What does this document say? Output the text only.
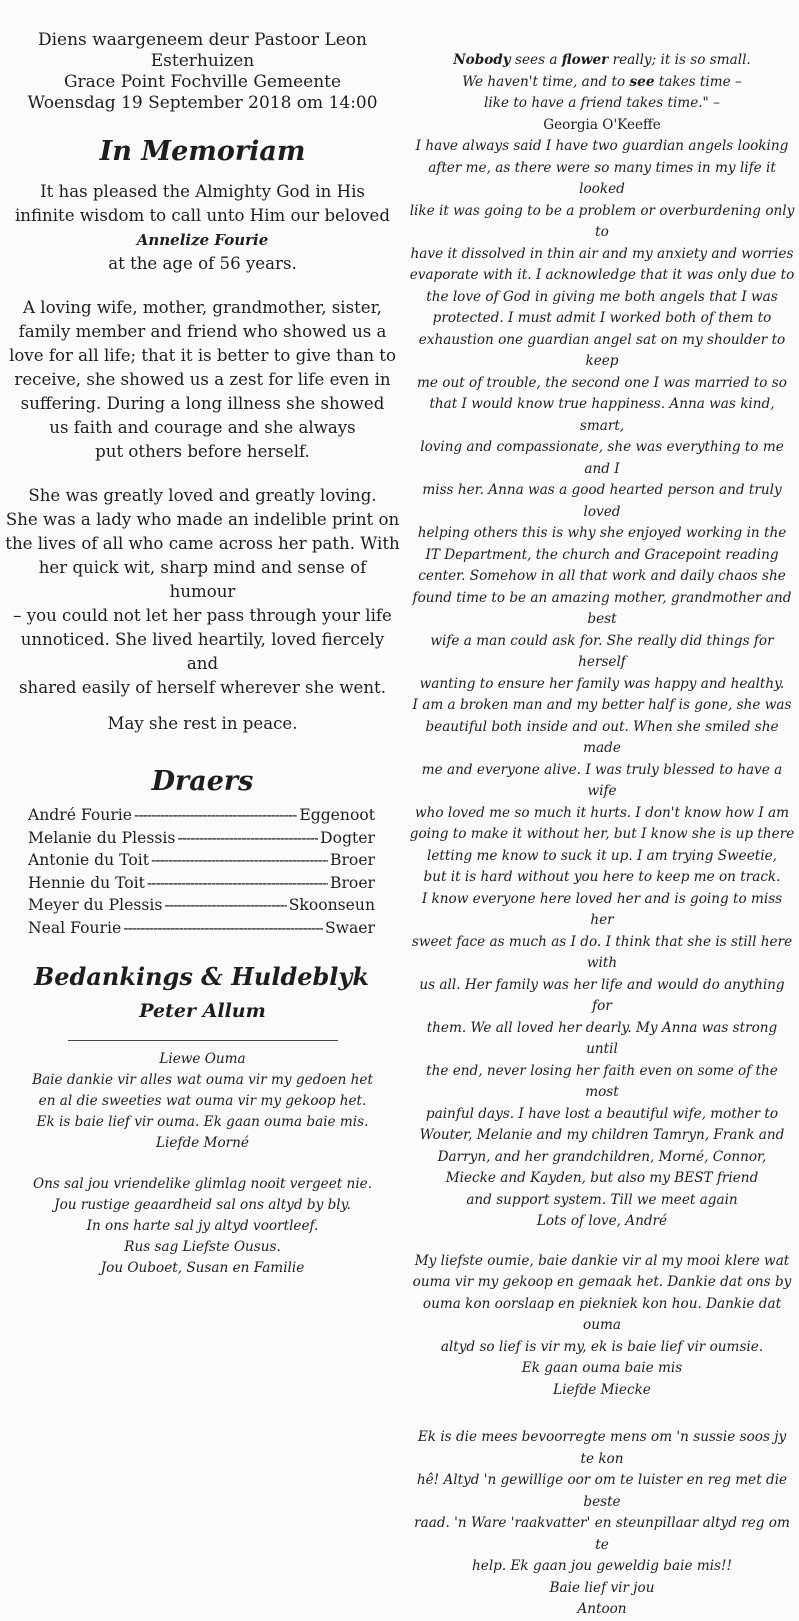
Diens waargeneem deur Pastoor Leon Esterhuizen
Grace Point Fochville Gemeente
Woensdag 19 September 2018 om 14:00
In Memoriam
It has pleased the Almighty God in His
infinite wisdom to call unto Him our beloved
Annelize Fourie
at the age of 56 years.
A loving wife, mother, grandmother, sister,
family member and friend who showed us a
love for all life; that it is better to give than to
receive, she showed us a zest for life even in
suffering. During a long illness she showed
us faith and courage and she always
put others before herself.
She was greatly loved and greatly loving.
She was a lady who made an indelible print on
the lives of all who came across her path. With
her quick wit, sharp mind and sense of humour
– you could not let her pass through your life
unnoticed. She lived heartily, loved fiercely and
shared easily of herself wherever she went.
May she rest in peace.
Draers
André Fourie -----	Eggenoot
Melanie du Plessis -----	Dogter
Antonie du Toit -----	Broer
Hennie du Toit -----	Broer
Meyer du Plessis -----	Skoonseun
Neal Fourie -----	Swaer
Bedankings & Huldeblyk
Peter Allum
Liewe Ouma
Baie dankie vir alles wat ouma vir my gedoen het
en al die sweeties wat ouma vir my gekoop het.
Ek is baie lief vir ouma. Ek gaan ouma baie mis.
Liefde Morné
Ons sal jou vriendelike glimlag nooit vergeet nie.
Jou rustige geaardheid sal ons altyd by bly.
In ons harte sal jy altyd voortleef.
Rus sag Liefste Ousus.
Jou Ouboet, Susan en Familie
Nobody sees a flower really; it is so small.
We haven't time, and to see takes time –
like to have a friend takes time." –
Georgia O'Keeffe
I have always said I have two guardian angels looking
after me, as there were so many times in my life it looked
like it was going to be a problem or overburdening only to
have it dissolved in thin air and my anxiety and worries
evaporate with it. I acknowledge that it was only due to
the love of God in giving me both angels that I was
protected. I must admit I worked both of them to
exhaustion one guardian angel sat on my shoulder to keep
me out of trouble, the second one I was married to so
that I would know true happiness. Anna was kind, smart,
loving and compassionate, she was everything to me and I
miss her. Anna was a good hearted person and truly loved
helping others this is why she enjoyed working in the
IT Department, the church and Gracepoint reading
center. Somehow in all that work and daily chaos she
found time to be an amazing mother, grandmother and best
wife a man could ask for. She really did things for herself
wanting to ensure her family was happy and healthy.
I am a broken man and my better half is gone, she was
beautiful both inside and out. When she smiled she made
me and everyone alive. I was truly blessed to have a wife
who loved me so much it hurts. I don't know how I am
going to make it without her, but I know she is up there
letting me know to suck it up. I am trying Sweetie,
but it is hard without you here to keep me on track.
I know everyone here loved her and is going to miss her
sweet face as much as I do. I think that she is still here with
us all. Her family was her life and would do anything for
them. We all loved her dearly. My Anna was strong until
the end, never losing her faith even on some of the most
painful days. I have lost a beautiful wife, mother to
Wouter, Melanie and my children Tamryn, Frank and
Darryn, and her grandchildren, Morné, Connor,
Miecke and Kayden, but also my BEST friend
and support system. Till we meet again
Lots of love, André
My liefste oumie, baie dankie vir al my mooi klere wat
ouma vir my gekoop en gemaak het. Dankie dat ons by
ouma kon oorslaap en piekniek kon hou. Dankie dat ouma
altyd so lief is vir my, ek is baie lief vir oumsie.
Ek gaan ouma baie mis
Liefde Miecke
Ek is die mees bevoorregte mens om 'n sussie soos jy te kon
hê! Altyd 'n gewillige oor om te luister en reg met die beste
raad. 'n Ware 'raakvatter' en steunpillaar altyd reg om te
help. Ek gaan jou geweldig baie mis!!
Baie lief vir jou
Antoon
